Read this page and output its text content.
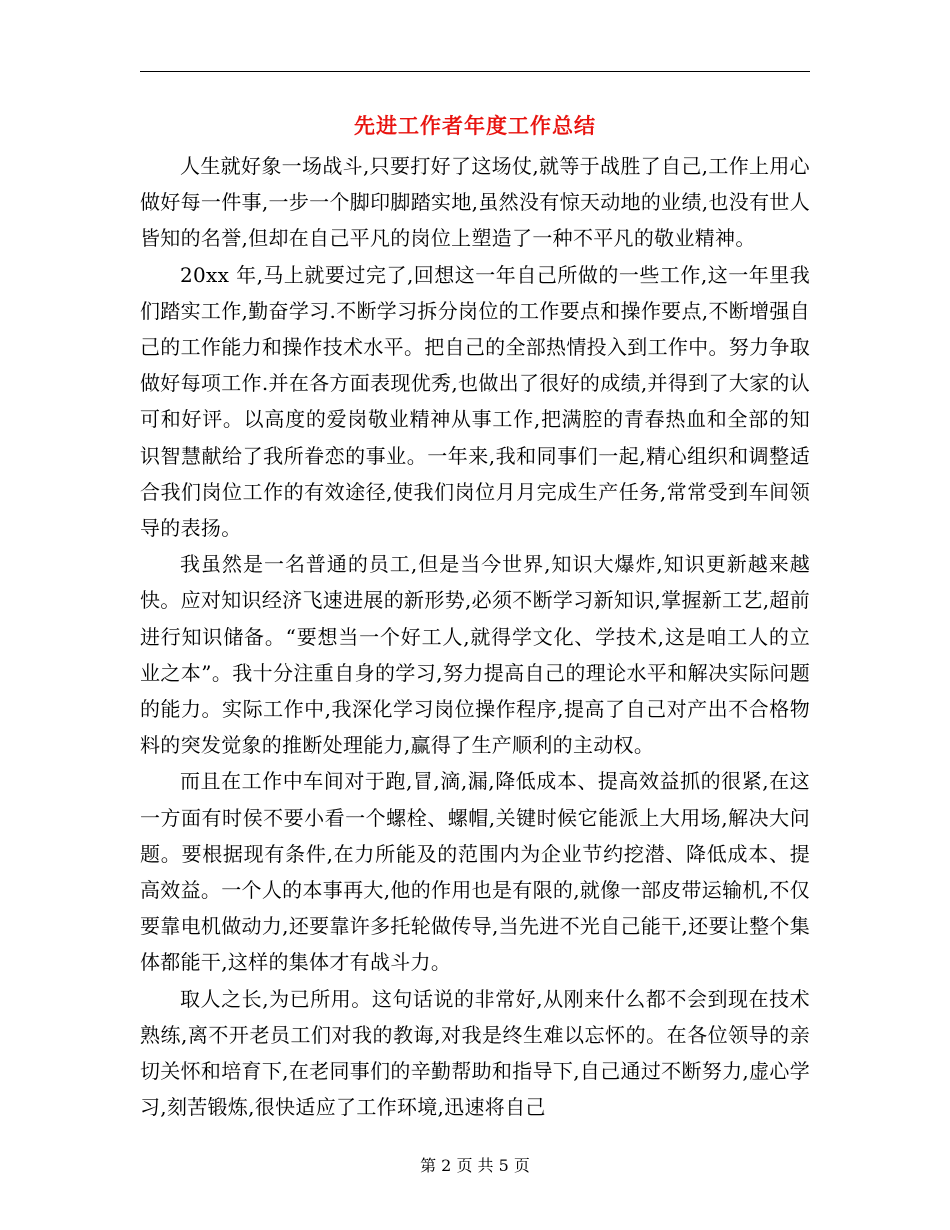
先进工作者年度工作总结

人生就好象一场战斗,只要打好了这场仗,就等于战胜了自己,工作上用心做好每一件事,一步一个脚印脚踏实地,虽然没有惊天动地的业绩,也没有世人皆知的名誉,但却在自己平凡的岗位上塑造了一种不平凡的敬业精神。

20xx 年,马上就要过完了,回想这一年自己所做的一些工作,这一年里我们踏实工作,勤奋学习.不断学习拆分岗位的工作要点和操作要点,不断增强自己的工作能力和操作技术水平。把自己的全部热情投入到工作中。努力争取做好每项工作.并在各方面表现优秀,也做出了很好的成绩,并得到了大家的认可和好评。以高度的爱岗敬业精神从事工作,把满腔的青春热血和全部的知识智慧献给了我所眷恋的事业。一年来,我和同事们一起,精心组织和调整适合我们岗位工作的有效途径,使我们岗位月月完成生产任务,常常受到车间领导的表扬。

我虽然是一名普通的员工,但是当今世界,知识大爆炸,知识更新越来越快。应对知识经济飞速进展的新形势,必须不断学习新知识,掌握新工艺,超前进行知识储备。“要想当一个好工人,就得学文化、学技术,这是咱工人的立业之本”。我十分注重自身的学习,努力提高自己的理论水平和解决实际问题的能力。实际工作中,我深化学习岗位操作程序,提高了自己对产出不合格物料的突发觉象的推断处理能力,赢得了生产顺利的主动权。

而且在工作中车间对于跑,冒,滴,漏,降低成本、提高效益抓的很紧,在这一方面有时侯不要小看一个螺栓、螺帽,关键时候它能派上大用场,解决大问题。要根据现有条件,在力所能及的范围内为企业节约挖潜、降低成本、提高效益。一个人的本事再大,他的作用也是有限的,就像一部皮带运输机,不仅要靠电机做动力,还要靠许多托轮做传导,当先进不光自己能干,还要让整个集体都能干,这样的集体才有战斗力。

取人之长,为已所用。这句话说的非常好,从刚来什么都不会到现在技术熟练,离不开老员工们对我的教诲,对我是终生难以忘怀的。在各位领导的亲切关怀和培育下,在老同事们的辛勤帮助和指导下,自己通过不断努力,虚心学习,刻苦锻炼,很快适应了工作环境,迅速将自己

第 2 页 共 5 页
